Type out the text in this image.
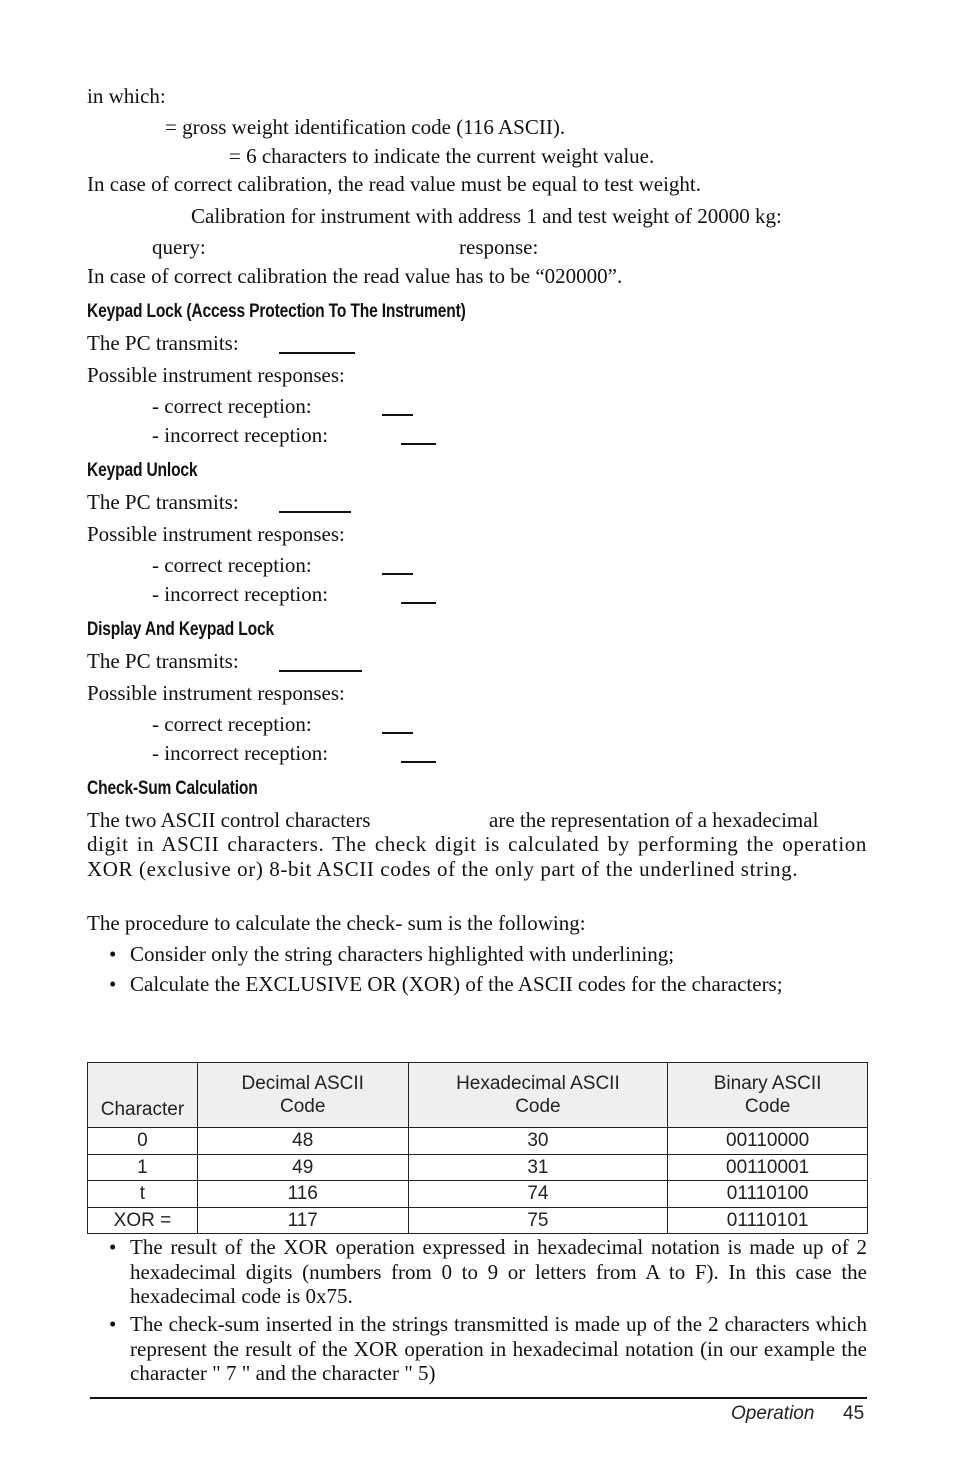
in which:
= gross weight identification code (116 ASCII).
= 6 characters to indicate the current weight value.
In case of correct calibration, the read value must be equal to test weight.
Calibration for instrument with address 1 and test weight of 20000 kg:
query:	response:
In case of correct calibration the read value has to be “020000”.
Keypad Lock (Access Protection To The Instrument)
The PC transmits:
Possible instrument responses:
- correct reception:
- incorrect reception:
Keypad Unlock
The PC transmits:
Possible instrument responses:
- correct reception:
- incorrect reception:
Display And Keypad Lock
The PC transmits:
Possible instrument responses:
- correct reception:
- incorrect reception:
Check-Sum Calculation
The two ASCII control characters	are the representation of a hexadecimal
digit in ASCII characters. The check digit is calculated by performing the operation XOR (exclusive or) 8-bit ASCII codes of the only part of the underlined string.
The procedure to calculate the check- sum is the following:
• Consider only the string characters highlighted with underlining;
• Calculate the EXCLUSIVE OR (XOR) of the ASCII codes for the characters;
Character	Decimal ASCII Code	Hexadecimal ASCII Code	Binary ASCII Code
0	48	30	00110000
1	49	31	00110001
t	116	74	01110100
XOR =	117	75	01110101
• The result of the XOR operation expressed in hexadecimal notation is made up of 2 hexadecimal digits (numbers from 0 to 9 or letters from A to F). In this case the hexadecimal code is 0x75.
• The check-sum inserted in the strings transmitted is made up of the 2 characters which represent the result of the XOR operation in hexadecimal notation (in our example the character " 7 " and the character " 5)
Operation 45
